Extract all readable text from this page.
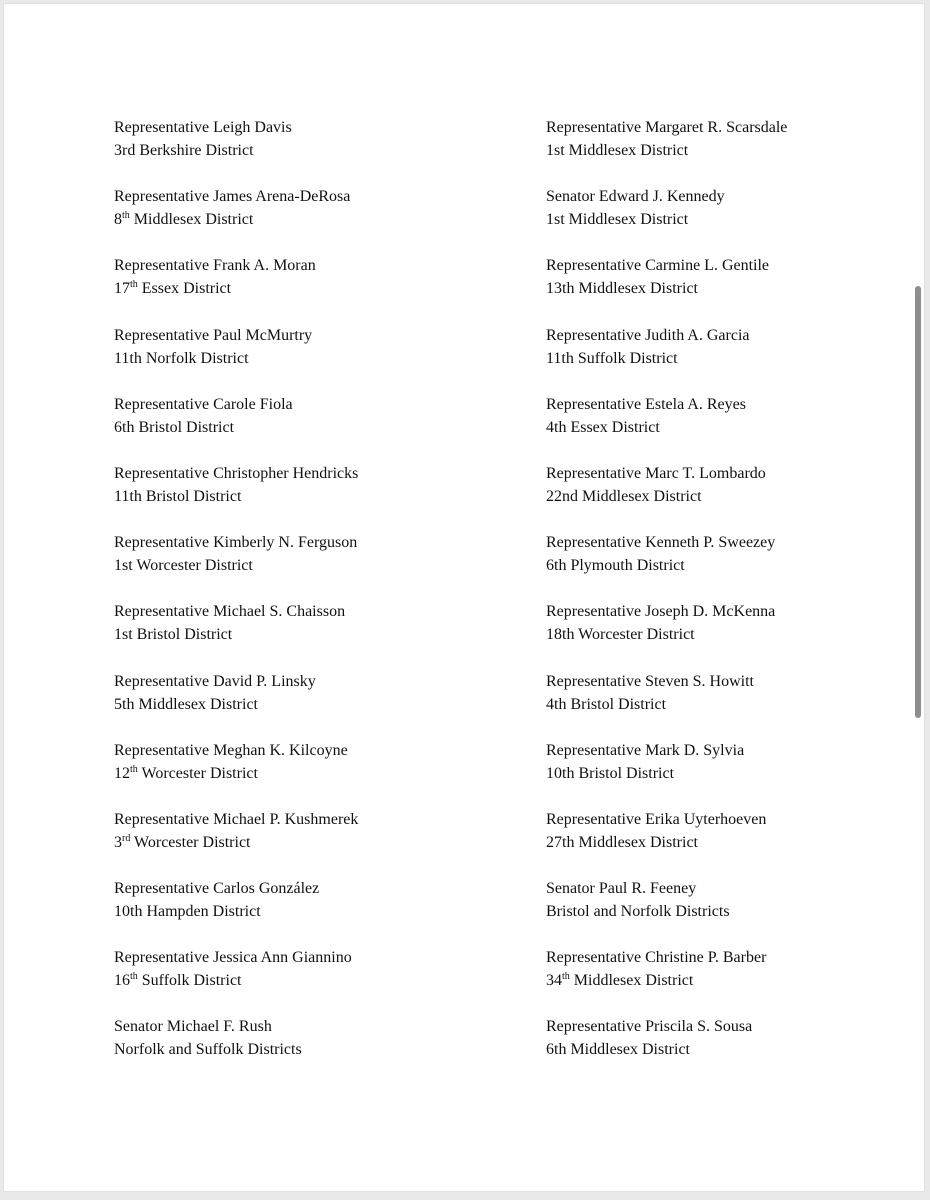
Representative Leigh Davis
3rd Berkshire District
Representative James Arena-DeRosa
8th Middlesex District
Representative Frank A. Moran
17th Essex District
Representative Paul McMurtry
11th Norfolk District
Representative Carole Fiola
6th Bristol District
Representative Christopher Hendricks
11th Bristol District
Representative Kimberly N. Ferguson
1st Worcester District
Representative Michael S. Chaisson
1st Bristol District
Representative David P. Linsky
5th Middlesex District
Representative Meghan K. Kilcoyne
12th Worcester District
Representative Michael P. Kushmerek
3rd Worcester District
Representative Carlos González
10th Hampden District
Representative Jessica Ann Giannino
16th Suffolk District
Senator Michael F. Rush
Norfolk and Suffolk Districts
Representative Margaret R. Scarsdale
1st Middlesex District
Senator Edward J. Kennedy
1st Middlesex District
Representative Carmine L. Gentile
13th Middlesex District
Representative Judith A. Garcia
11th Suffolk District
Representative Estela A. Reyes
4th Essex District
Representative Marc T. Lombardo
22nd Middlesex District
Representative Kenneth P. Sweezey
6th Plymouth District
Representative Joseph D. McKenna
18th Worcester District
Representative Steven S. Howitt
4th Bristol District
Representative Mark D. Sylvia
10th Bristol District
Representative Erika Uyterhoeven
27th Middlesex District
Senator Paul R. Feeney
Bristol and Norfolk Districts
Representative Christine P. Barber
34th Middlesex District
Representative Priscila S. Sousa
6th Middlesex District
